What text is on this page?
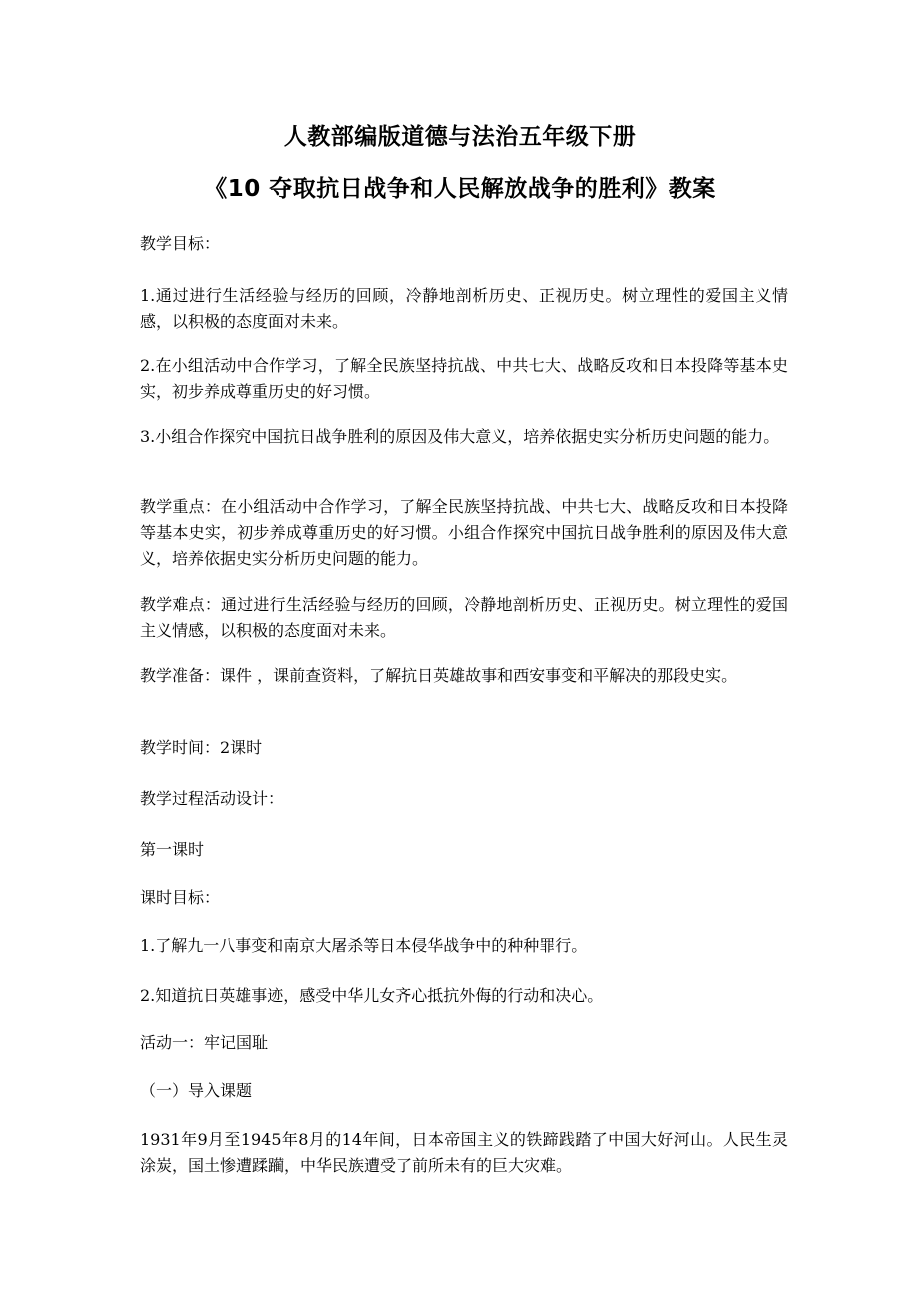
人教部编版道德与法治五年级下册
《10 夺取抗日战争和人民解放战争的胜利》教案
教学目标：
1.通过进行生活经验与经历的回顾，冷静地剖析历史、正视历史。树立理性的爱国主义情感，以积极的态度面对未来。
2.在小组活动中合作学习，了解全民族坚持抗战、中共七大、战略反攻和日本投降等基本史实，初步养成尊重历史的好习惯。
3.小组合作探究中国抗日战争胜利的原因及伟大意义，培养依据史实分析历史问题的能力。
教学重点：在小组活动中合作学习，了解全民族坚持抗战、中共七大、战略反攻和日本投降等基本史实，初步养成尊重历史的好习惯。小组合作探究中国抗日战争胜利的原因及伟大意义，培养依据史实分析历史问题的能力。
教学难点：通过进行生活经验与经历的回顾，冷静地剖析历史、正视历史。树立理性的爱国主义情感，以积极的态度面对未来。
教学准备：课件 ，课前查资料，了解抗日英雄故事和西安事变和平解决的那段史实。
教学时间：2课时
教学过程活动设计：
第一课时
课时目标：
1.了解九一八事变和南京大屠杀等日本侵华战争中的种种罪行。
2.知道抗日英雄事迹，感受中华儿女齐心抵抗外侮的行动和决心。
活动一：牢记国耻
（一）导入课题
1931年9月至1945年8月的14年间，日本帝国主义的铁蹄践踏了中国大好河山。人民生灵涂炭，国土惨遭蹂躏，中华民族遭受了前所未有的巨大灾难。
